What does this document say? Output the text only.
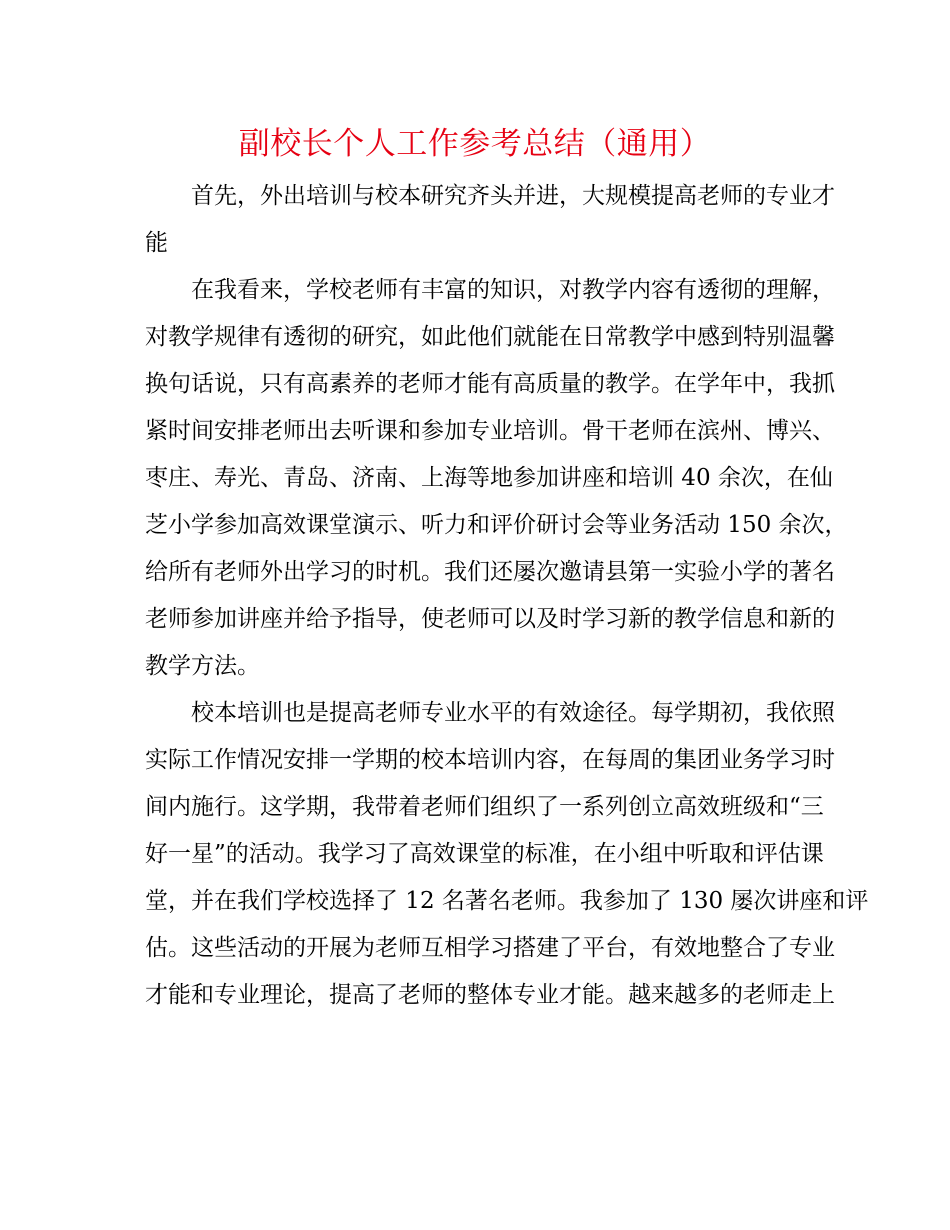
副校长个人工作参考总结（通用）
首先，外出培训与校本研究齐头并进，大规模提高老师的专业才
能
在我看来，学校老师有丰富的知识，对教学内容有透彻的理解，
对教学规律有透彻的研究，如此他们就能在日常教学中感到特别温馨
换句话说，只有高素养的老师才能有高质量的教学。在学年中，我抓
紧时间安排老师出去听课和参加专业培训。骨干老师在滨州、博兴、
枣庄、寿光、青岛、济南、上海等地参加讲座和培训 40 余次，在仙
芝小学参加高效课堂演示、听力和评价研讨会等业务活动 150 余次，
给所有老师外出学习的时机。我们还屡次邀请县第一实验小学的著名
老师参加讲座并给予指导，使老师可以及时学习新的教学信息和新的
教学方法。
校本培训也是提高老师专业水平的有效途径。每学期初，我依照
实际工作情况安排一学期的校本培训内容，在每周的集团业务学习时
间内施行。这学期，我带着老师们组织了一系列创立高效班级和“三
好一星”的活动。我学习了高效课堂的标准，在小组中听取和评估课
堂，并在我们学校选择了 12 名著名老师。我参加了 130 屡次讲座和评
估。这些活动的开展为老师互相学习搭建了平台，有效地整合了专业
才能和专业理论，提高了老师的整体专业才能。越来越多的老师走上
